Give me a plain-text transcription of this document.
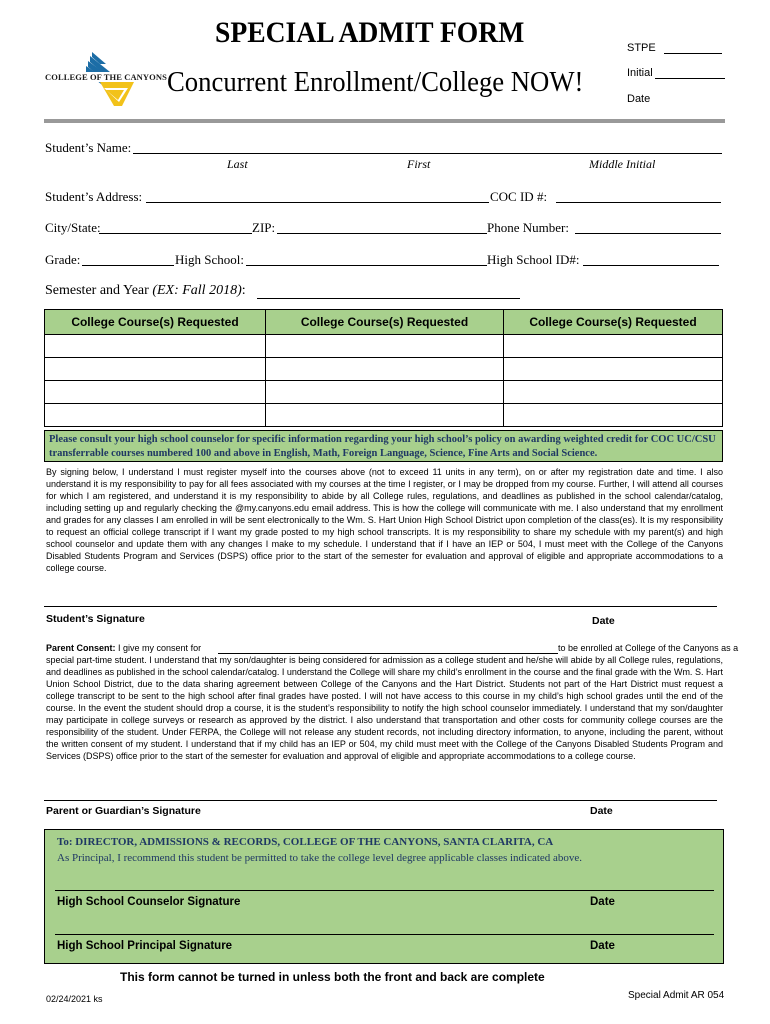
COLLEGE OF THE CANYONS
SPECIAL ADMIT FORM
Concurrent Enrollment/College NOW!
STPE
Initial
Date
Student’s Name:
Last	First	Middle Initial
Student’s Address:	COC ID #:
City/State:	ZIP:	Phone Number:
Grade:	High School:	High School ID#:
Semester and Year (EX: Fall 2018):
College Course(s) Requested	College Course(s) Requested	College Course(s) Requested

Please consult your high school counselor for specific information regarding your high school’s policy on awarding weighted credit for COC UC/CSU transferrable courses numbered 100 and above in English, Math, Foreign Language, Science, Fine Arts and Social Science.
By signing below, I understand I must register myself into the courses above (not to exceed 11 units in any term), on or after my registration date and time. I also understand it is my responsibility to pay for all fees associated with my courses at the time I register, or I may be dropped from my course. Further, I will attend all courses for which I am registered, and understand it is my responsibility to abide by all College rules, regulations, and deadlines as published in the school calendar/catalog, including setting up and regularly checking the @my.canyons.edu email address. This is how the college will communicate with me. I also understand that my enrollment and grades for any classes I am enrolled in will be sent electronically to the Wm. S. Hart Union High School District upon completion of the class(es). It is my responsibility to request an official college transcript if I want my grade posted to my high school transcripts. It is my responsibility to share my schedule with my parent(s) and high school counselor and update them with any changes I make to my schedule. I understand that if I have an IEP or 504, I must meet with the College of the Canyons Disabled Students Program and Services (DSPS) office prior to the start of the semester for evaluation and approval of eligible and appropriate accommodations to a college course.
Student’s Signature	Date
Parent Consent: I give my consent for	to be enrolled at College of the Canyons as a
special part-time student. I understand that my son/daughter is being considered for admission as a college student and he/she will abide by all College rules, regulations, and deadlines as published in the school calendar/catalog. I understand the College will share my child’s enrollment in the course and the final grade with the Wm. S. Hart Union School District, due to the data sharing agreement between College of the Canyons and the Hart District. Students not part of the Hart District must request a college transcript to be sent to the high school after final grades have posted. I will not have access to this course in my child’s high school grades until the end of the course. In the event the student should drop a course, it is the student’s responsibility to notify the high school counselor immediately. I understand that my son/daughter may participate in college surveys or research as approved by the district. I also understand that transportation and other costs for community college courses are the responsibility of the student. Under FERPA, the College will not release any student records, not including directory information, to anyone, including the parent, without the written consent of my student. I understand that if my child has an IEP or 504, my child must meet with the College of the Canyons Disabled Students Program and Services (DSPS) office prior to the start of the semester for evaluation and approval of eligible and appropriate accommodations to a college course.
Parent or Guardian’s Signature	Date
To: DIRECTOR, ADMISSIONS & RECORDS, COLLEGE OF THE CANYONS, SANTA CLARITA, CA
As Principal, I recommend this student be permitted to take the college level degree applicable classes indicated above.
High School Counselor Signature	Date
High School Principal Signature	Date
This form cannot be turned in unless both the front and back are complete
02/24/2021 ks	Special Admit AR 054
